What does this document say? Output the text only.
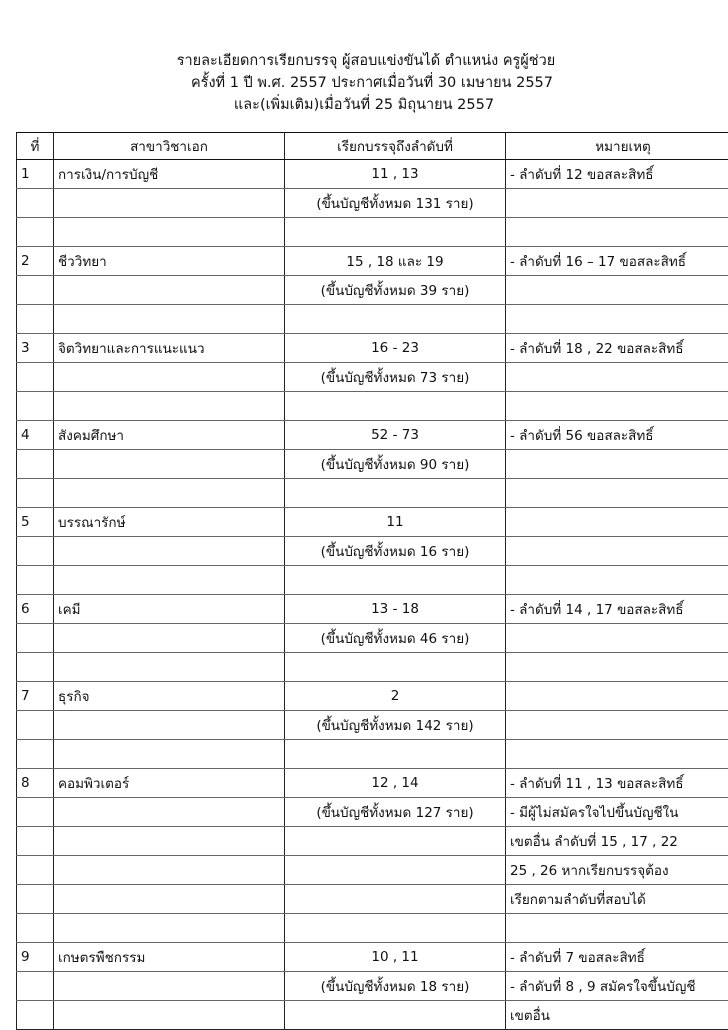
รายละเอียดการเรียกบรรจุ ผู้สอบแข่งขันได้ ตำแหน่ง ครูผู้ช่วย
ครั้งที่ 1 ปี พ.ศ. 2557 ประกาศเมื่อวันที่ 30 เมษายน 2557
และ(เพิ่มเติม)เมื่อวันที่ 25 มิถุนายน 2557
ที่	สาขาวิชาเอก	เรียกบรรจุถึงลำดับที่	หมายเหตุ
1	การเงิน/การบัญชี	11 , 13	- ลำดับที่ 12 ขอสละสิทธิ์
		(ขึ้นบัญชีทั้งหมด 131 ราย)	

2	ชีววิทยา	15 , 18 และ 19	- ลำดับที่ 16 – 17 ขอสละสิทธิ์
		(ขึ้นบัญชีทั้งหมด 39 ราย)	

3	จิตวิทยาและการแนะแนว	16 - 23	- ลำดับที่ 18 , 22 ขอสละสิทธิ์
		(ขึ้นบัญชีทั้งหมด 73 ราย)	

4	สังคมศึกษา	52 - 73	- ลำดับที่ 56 ขอสละสิทธิ์
		(ขึ้นบัญชีทั้งหมด 90 ราย)	

5	บรรณารักษ์	11	
		(ขึ้นบัญชีทั้งหมด 16 ราย)	

6	เคมี	13 - 18	- ลำดับที่ 14 , 17 ขอสละสิทธิ์
		(ขึ้นบัญชีทั้งหมด 46 ราย)	

7	ธุรกิจ	2	
		(ขึ้นบัญชีทั้งหมด 142 ราย)	

8	คอมพิวเตอร์	12 , 14	- ลำดับที่ 11 , 13 ขอสละสิทธิ์
		(ขึ้นบัญชีทั้งหมด 127 ราย)	- มีผู้ไม่สมัครใจไปขึ้นบัญชีใน
			เขตอื่น ลำดับที่ 15 , 17 , 22
			25 , 26 หากเรียกบรรจุต้อง
			เรียกตามลำดับที่สอบได้

9	เกษตรพืชกรรม	10 , 11	- ลำดับที่ 7 ขอสละสิทธิ์
		(ขึ้นบัญชีทั้งหมด 18 ราย)	- ลำดับที่ 8 , 9 สมัครใจขึ้นบัญชี
			เขตอื่น
